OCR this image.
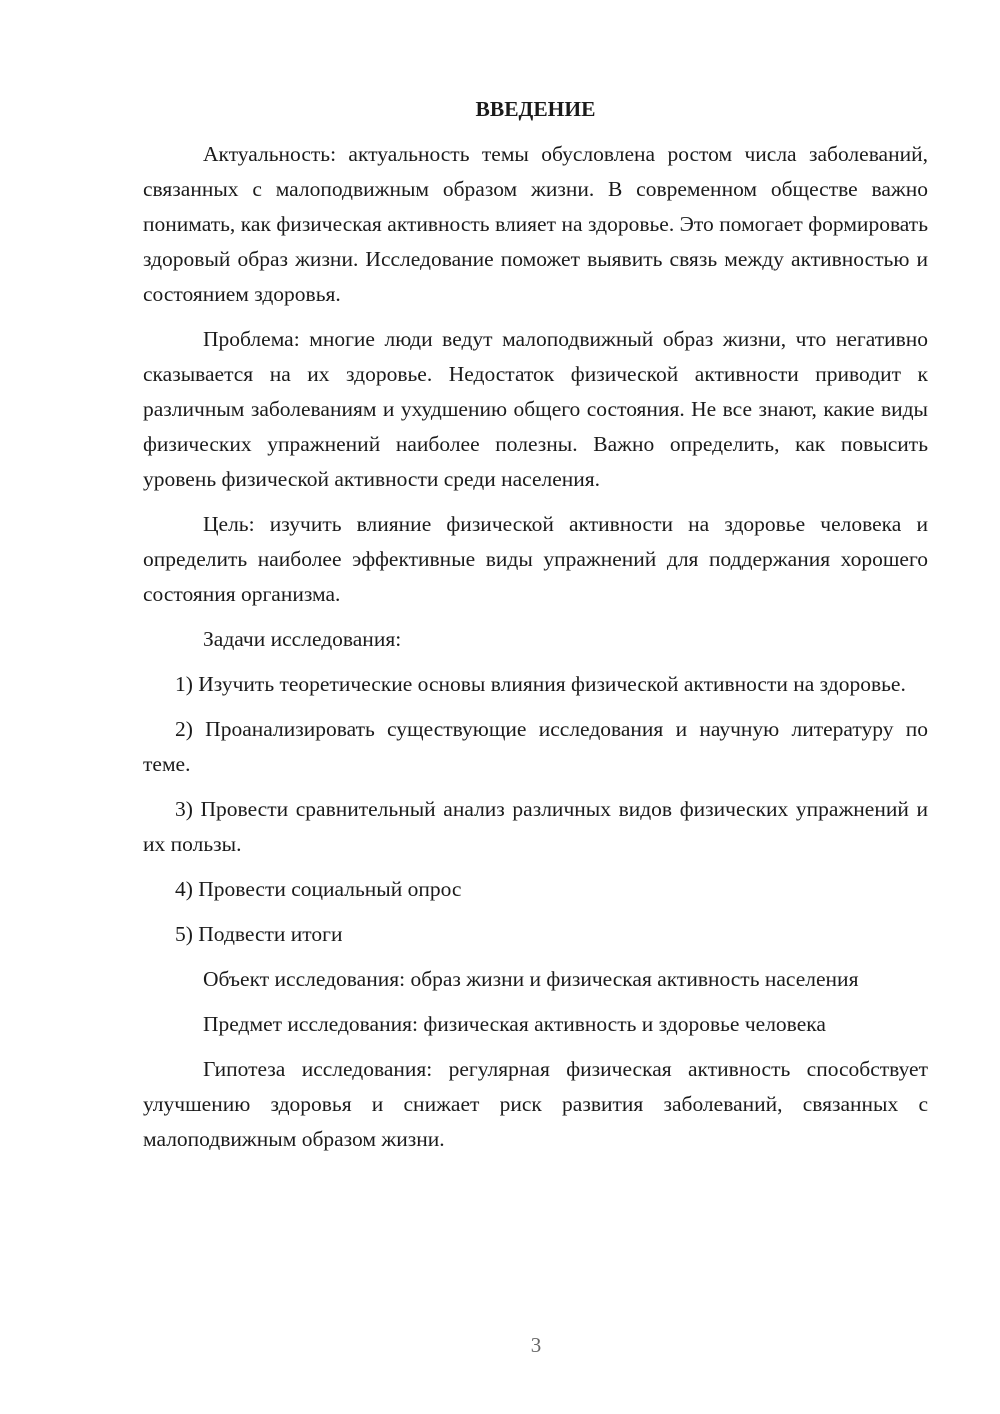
ВВЕДЕНИЕ

Актуальность: актуальность темы обусловлена ростом числа заболеваний, связанных с малоподвижным образом жизни. В современном обществе важно понимать, как физическая активность влияет на здоровье. Это помогает формировать здоровый образ жизни. Исследование поможет выявить связь между активностью и состоянием здоровья.

Проблема: многие люди ведут малоподвижный образ жизни, что негативно сказывается на их здоровье. Недостаток физической активности приводит к различным заболеваниям и ухудшению общего состояния. Не все знают, какие виды физических упражнений наиболее полезны. Важно определить, как повысить уровень физической активности среди населения.

Цель: изучить влияние физической активности на здоровье человека и определить наиболее эффективные виды упражнений для поддержания хорошего состояния организма.

Задачи исследования:

1) Изучить теоретические основы влияния физической активности на здоровье.

2) Проанализировать существующие исследования и научную литературу по теме.

3) Провести сравнительный анализ различных видов физических упражнений и их пользы.

4) Провести социальный опрос

5) Подвести итоги

Объект исследования: образ жизни и физическая активность населения

Предмет исследования: физическая активность и здоровье человека

Гипотеза исследования: регулярная физическая активность способствует улучшению здоровья и снижает риск развития заболеваний, связанных с малоподвижным образом жизни.

3
